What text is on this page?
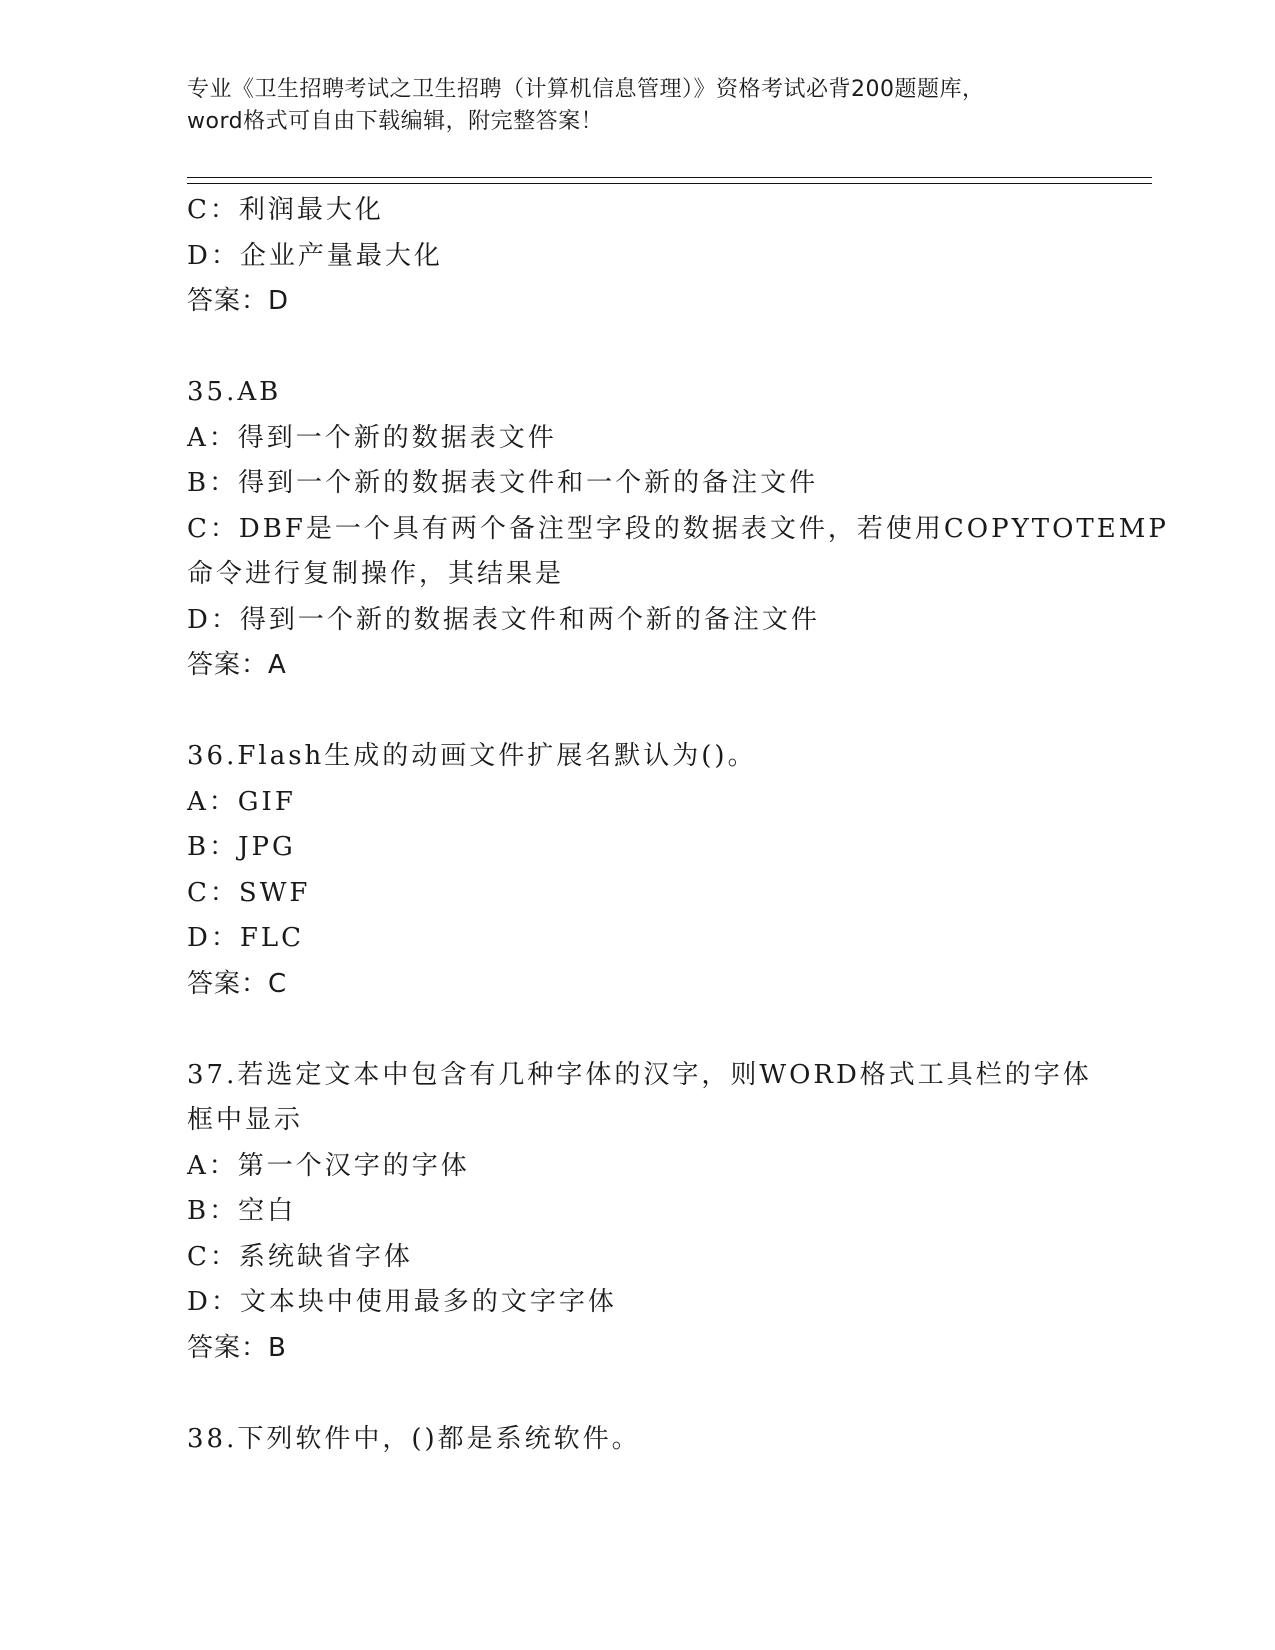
专业《卫生招聘考试之卫生招聘（计算机信息管理）》资格考试必背200题题库，
word格式可自由下载编辑，附完整答案！
C：利润最大化
D：企业产量最大化
答案：D
35.AB
A：得到一个新的数据表文件
B：得到一个新的数据表文件和一个新的备注文件
C：DBF是一个具有两个备注型字段的数据表文件，若使用COPYTOTEMP
命令进行复制操作，其结果是
D：得到一个新的数据表文件和两个新的备注文件
答案：A
36.Flash生成的动画文件扩展名默认为()。
A：GIF
B：JPG
C：SWF
D：FLC
答案：C
37.若选定文本中包含有几种字体的汉字，则WORD格式工具栏的字体
框中显示
A：第一个汉字的字体
B：空白
C：系统缺省字体
D：文本块中使用最多的文字字体
答案：B
38.下列软件中，()都是系统软件。
